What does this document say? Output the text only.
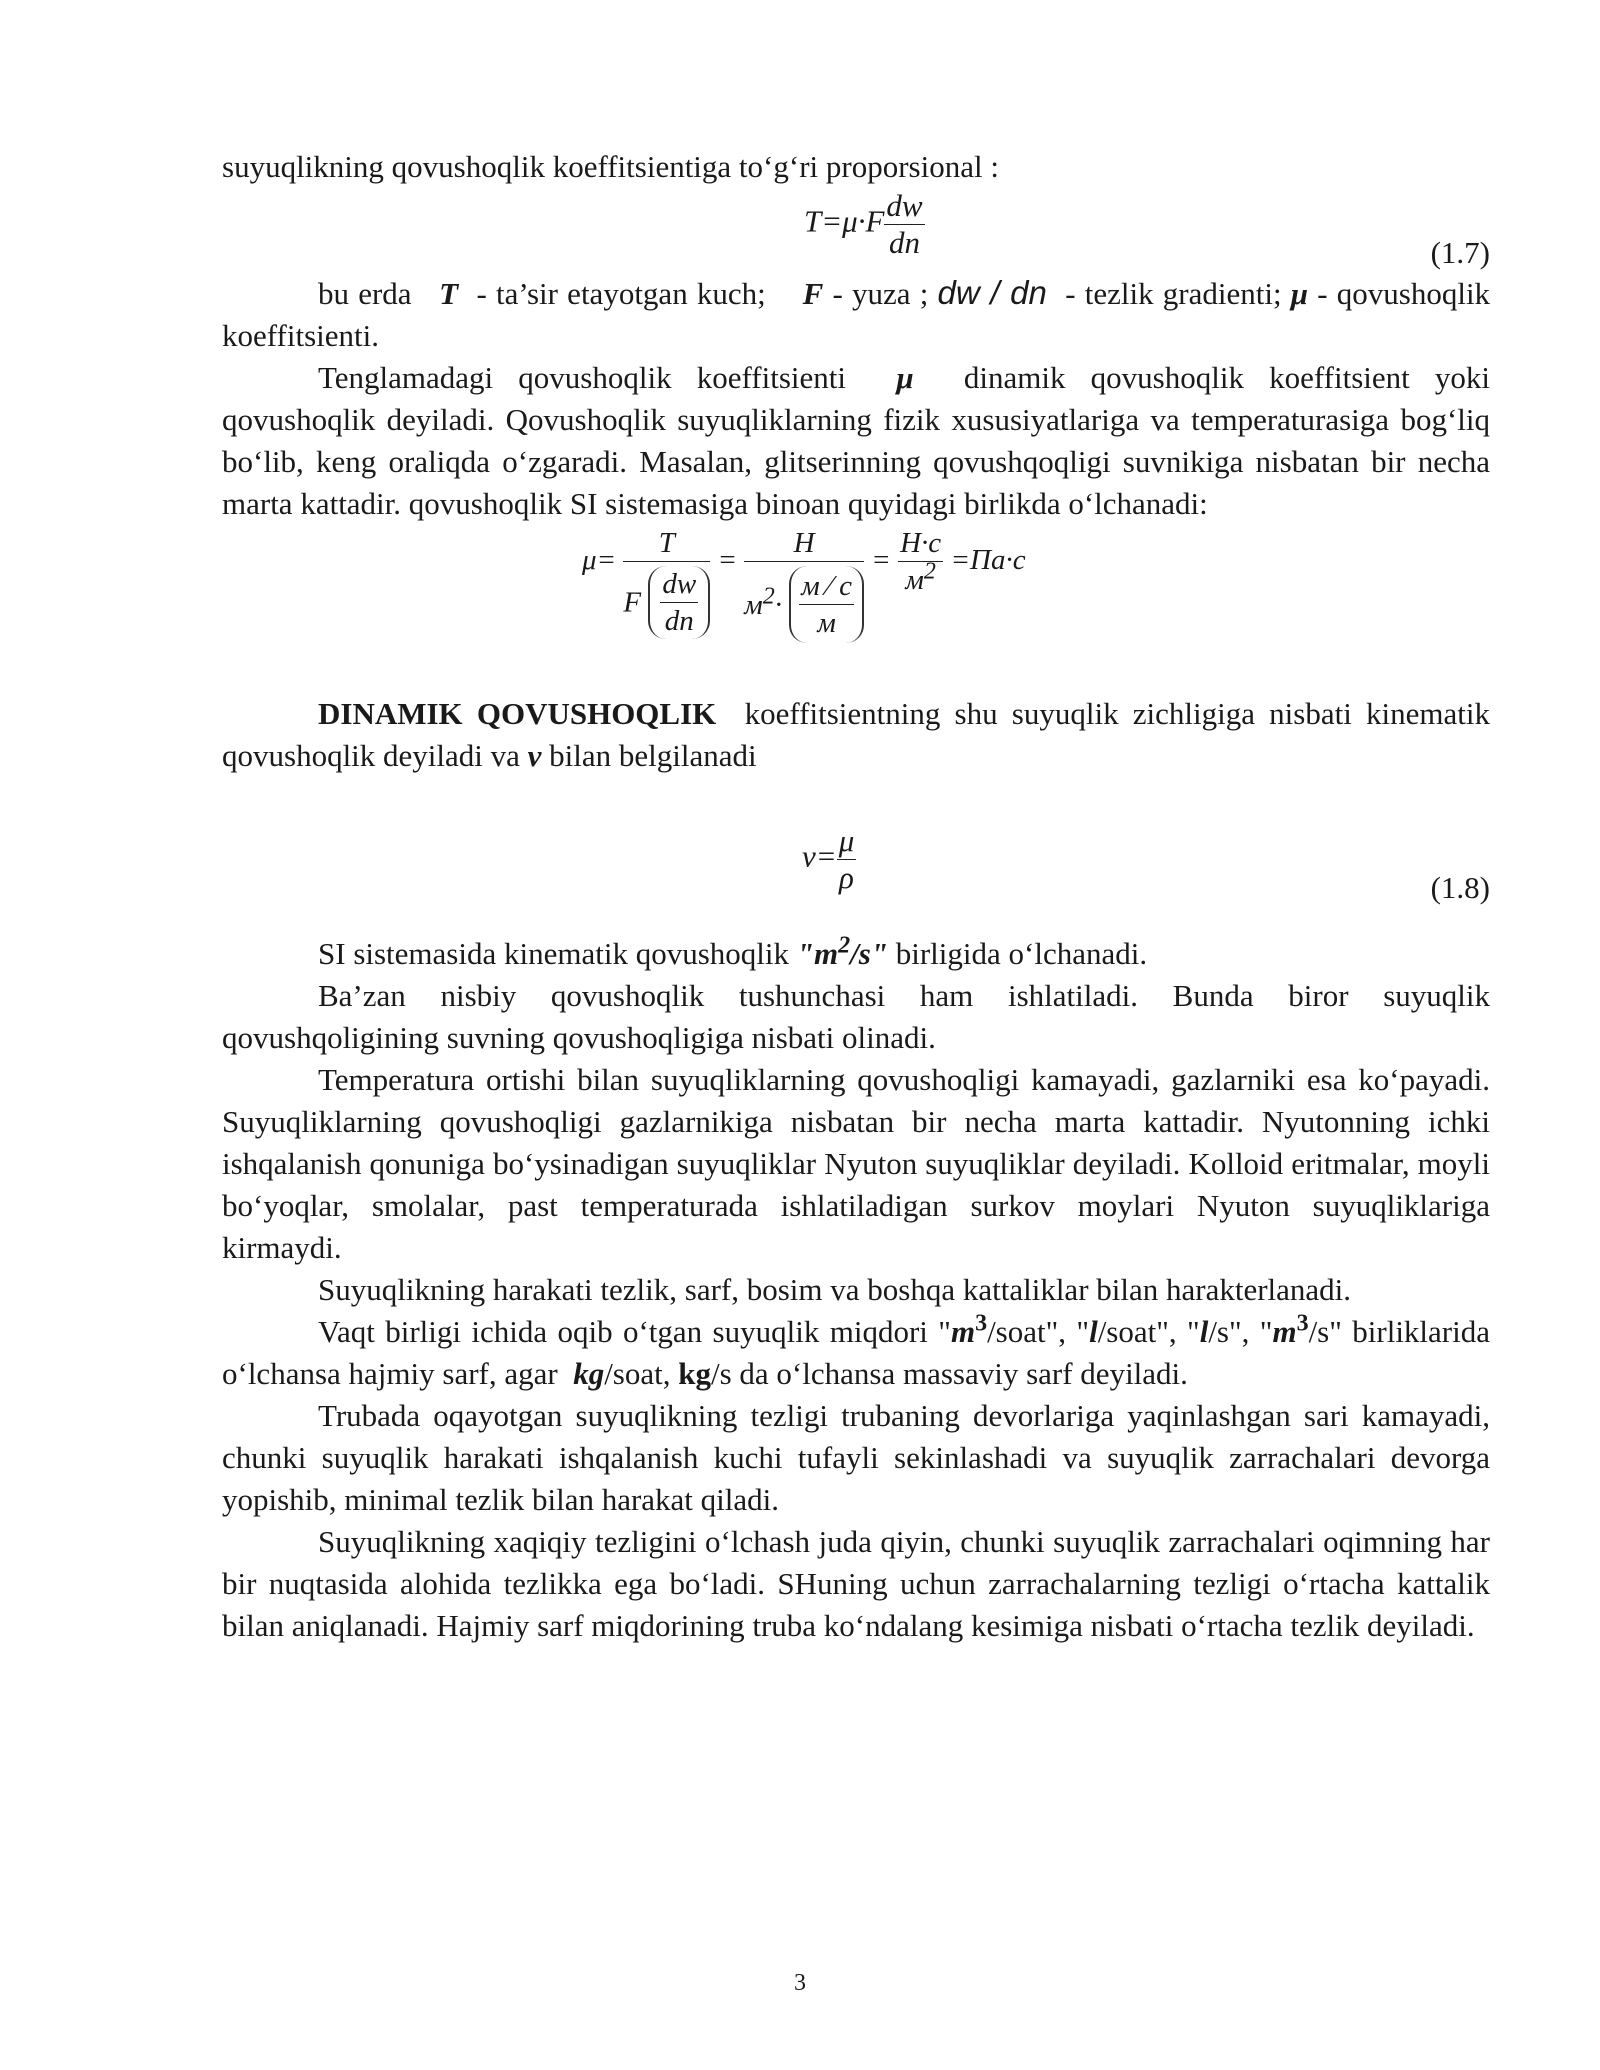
suyuqlikning qovushoqlik koeffitsientiga to‘g‘ri proporsional :

$T=\mu\cdot F \frac{dw}{dn}$	(1.7)

bu erda T - ta’sir etayotgan kuch; F - yuza ; dw / dn - tezlik gradienti; μ - qovushoqlik koeffitsienti.

Tenglamadagi qovushoqlik koeffitsienti μ dinamik qovushoqlik koeffitsient yoki qovushoqlik deyiladi. Qovushoqlik suyuqliklarning fizik xususiyatlariga va temperaturasiga bog‘liq bo‘lib, keng oraliqda o‘zgaradi. Masalan, glitserinning qovushqoqligi suvnikiga nisbatan bir necha marta kattadir. qovushoqlik SI sistemasiga binoan quyidagi birlikda o‘lchanadi:

$\mu= \frac{T}{F \frac{dw}{dn}} = \frac{Н}{м^2\cdot \frac{м ⁄ с}{м}} = \frac{Н\cdot с}{м^2} =Па\cdot с$

DINAMIK QOVUSHOQLIK koeffitsientning shu suyuqlik zichligiga nisbati kinematik qovushoqlik deyiladi va ν bilan belgilanadi

$\nu= \frac{\mu}{\rho}$	(1.8)

SI sistemasida kinematik qovushoqlik "$m^2/s$" birligida o‘lchanadi.

Ba’zan nisbiy qovushoqlik tushunchasi ham ishlatiladi. Bunda biror suyuqlik qovushqoligining suvning qovushoqligiga nisbati olinadi.

Temperatura ortishi bilan suyuqliklarning qovushoqligi kamayadi, gazlarniki esa ko‘payadi. Suyuqliklarning qovushoqligi gazlarnikiga nisbatan bir necha marta kattadir. Nyutonning ichki ishqalanish qonuniga bo‘ysinadigan suyuqliklar Nyuton suyuqliklar deyiladi. Kolloid eritmalar, moyli bo‘yoqlar, smolalar, past temperaturada ishlatiladigan surkov moylari Nyuton suyuqliklariga kirmaydi.

Suyuqlikning harakati tezlik, sarf, bosim va boshqa kattaliklar bilan harakterlanadi.

Vaqt birligi ichida oqib o‘tgan suyuqlik miqdori "$m^3$/soat", "l/soat", "l/s", "$m^3/s$" birliklarida o‘lchansa hajmiy sarf, agar kg/soat, kg/s da o‘lchansa massaviy sarf deyiladi.

Trubada oqayotgan suyuqlikning tezligi trubaning devorlariga yaqinlashgan sari kamayadi, chunki suyuqlik harakati ishqalanish kuchi tufayli sekinlashadi va suyuqlik zarrachalari devorga yopishib, minimal tezlik bilan harakat qiladi.

Suyuqlikning xaqiqiy tezligini o‘lchash juda qiyin, chunki suyuqlik zarrachalari oqimning har bir nuqtasida alohida tezlikka ega bo‘ladi. SHuning uchun zarrachalarning tezligi o‘rtacha kattalik bilan aniqlanadi. Hajmiy sarf miqdorining truba ko‘ndalang kesimiga nisbati o‘rtacha tezlik deyiladi.

3
